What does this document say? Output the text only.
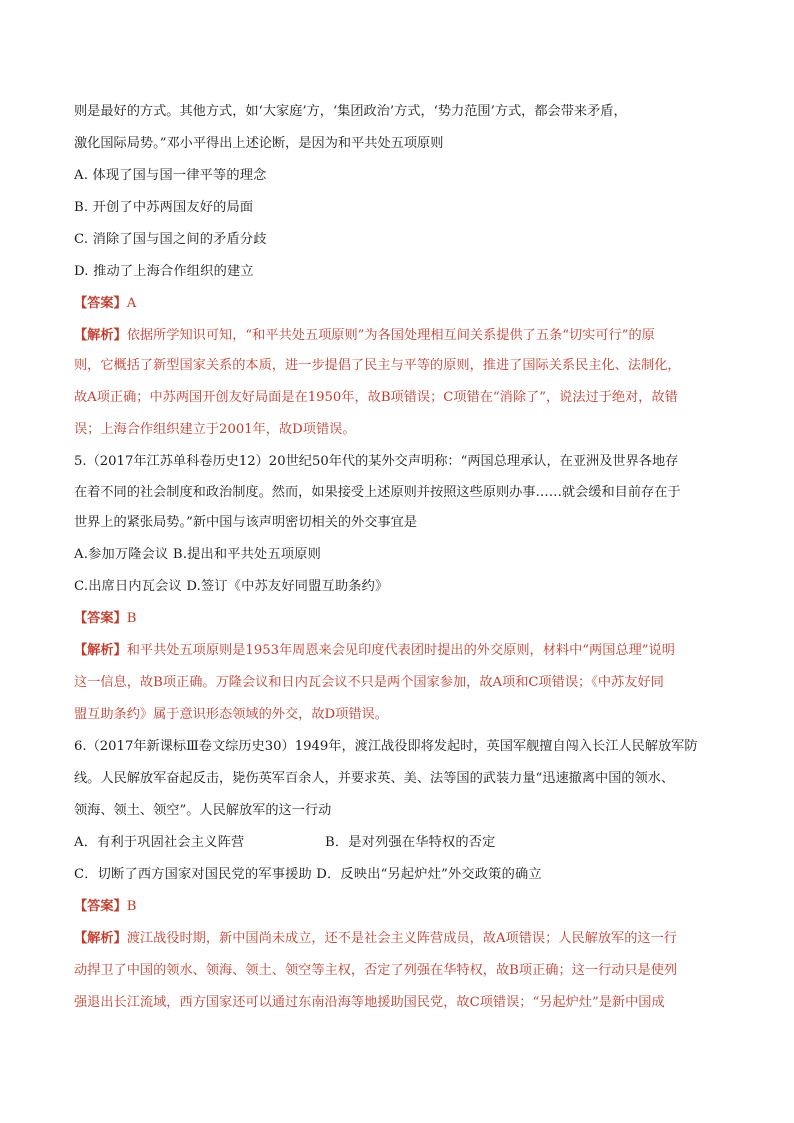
则是最好的方式。其他方式，如‘大家庭’方，‘集团政治’方式，‘势力范围’方式，都会带来矛盾，
激化国际局势。”邓小平得出上述论断，是因为和平共处五项原则
A. 体现了国与国一律平等的理念
B. 开创了中苏两国友好的局面
C. 消除了国与国之间的矛盾分歧
D. 推动了上海合作组织的建立
【答案】A
【解析】依据所学知识可知，“和平共处五项原则”为各国处理相互间关系提供了五条“切实可行”的原
则，它概括了新型国家关系的本质，进一步提倡了民主与平等的原则，推进了国际关系民主化、法制化，
故A项正确；中苏两国开创友好局面是在1950年，故B项错误；C项错在“消除了”，说法过于绝对，故错
误；上海合作组织建立于2001年，故D项错误。
5.（2017年江苏单科卷历史12）20世纪50年代的某外交声明称：“两国总理承认，在亚洲及世界各地存
在着不同的社会制度和政治制度。然而，如果接受上述原则并按照这些原则办事……就会缓和目前存在于
世界上的紧张局势。”新中国与该声明密切相关的外交事宜是
A.参加万隆会议 B.提出和平共处五项原则
C.出席日内瓦会议 D.签订《中苏友好同盟互助条约》
【答案】B
【解析】和平共处五项原则是1953年周恩来会见印度代表团时提出的外交原则，材料中“两国总理”说明
这一信息，故B项正确。万隆会议和日内瓦会议不只是两个国家参加，故A项和C项错误；《中苏友好同
盟互助条约》属于意识形态领域的外交，故D项错误。
6.（2017年新课标Ⅲ卷文综历史30）1949年，渡江战役即将发起时，英国军舰擅自闯入长江人民解放军防
线。人民解放军奋起反击，毙伤英军百余人，并要求英、美、法等国的武装力量“迅速撤离中国的领水、
领海、领土、领空”。人民解放军的这一行动
A．有利于巩固社会主义阵营	B．是对列强在华特权的否定
C．切断了西方国家对国民党的军事援助 D．反映出“另起炉灶”外交政策的确立
【答案】B
【解析】渡江战役时期，新中国尚未成立，还不是社会主义阵营成员，故A项错误；人民解放军的这一行
动捍卫了中国的领水、领海、领土、领空等主权，否定了列强在华特权，故B项正确；这一行动只是使列
强退出长江流域，西方国家还可以通过东南沿海等地援助国民党，故C项错误；“另起炉灶”是新中国成
